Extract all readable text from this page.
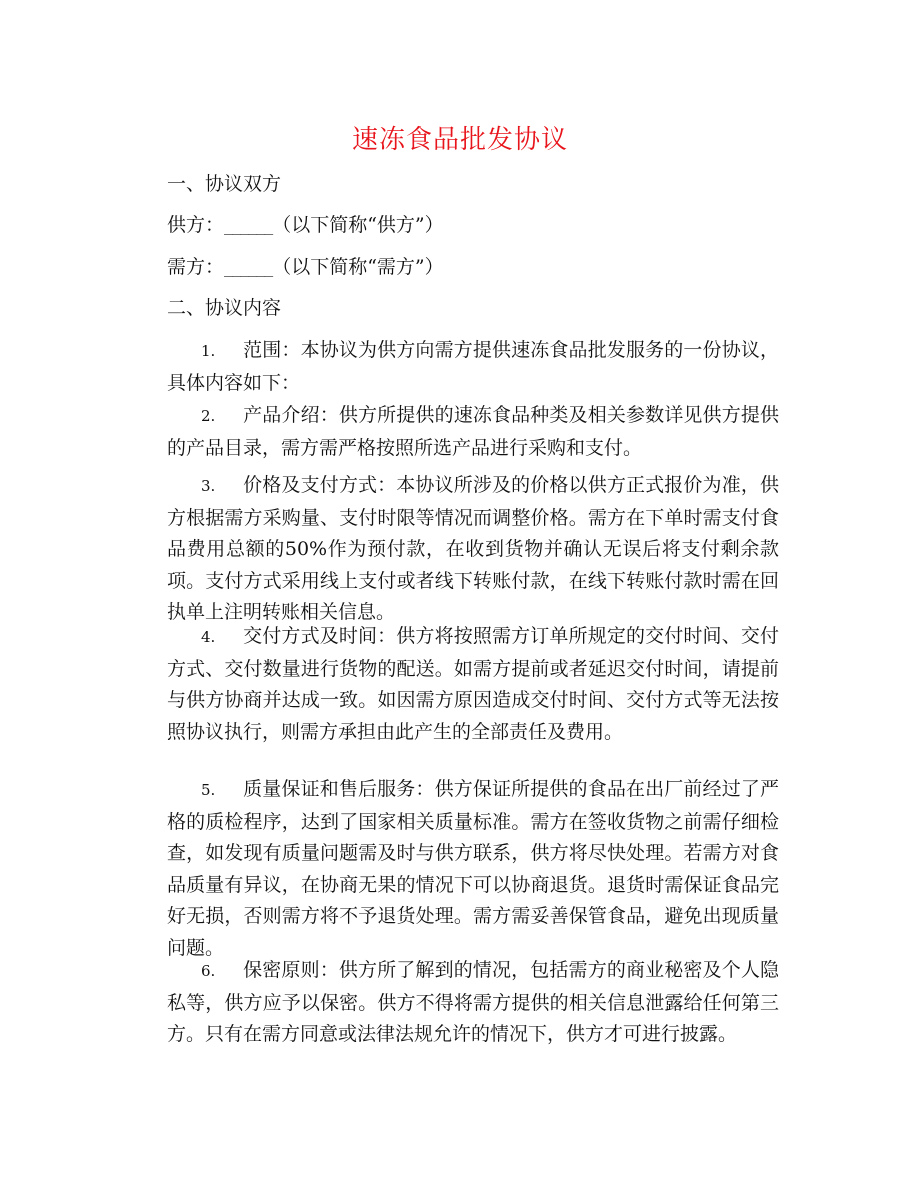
速冻食品批发协议
一、协议双方
供方：______（以下简称“供方”）
需方：______（以下简称“需方”）
二、协议内容
1. 范围：本协议为供方向需方提供速冻食品批发服务的一份协议，具体内容如下：
2. 产品介绍：供方所提供的速冻食品种类及相关参数详见供方提供的产品目录，需方需严格按照所选产品进行采购和支付。
3. 价格及支付方式：本协议所涉及的价格以供方正式报价为准，供方根据需方采购量、支付时限等情况而调整价格。需方在下单时需支付食品费用总额的50%作为预付款，在收到货物并确认无误后将支付剩余款项。支付方式采用线上支付或者线下转账付款，在线下转账付款时需在回执单上注明转账相关信息。
4. 交付方式及时间：供方将按照需方订单所规定的交付时间、交付方式、交付数量进行货物的配送。如需方提前或者延迟交付时间，请提前与供方协商并达成一致。如因需方原因造成交付时间、交付方式等无法按照协议执行，则需方承担由此产生的全部责任及费用。
5. 质量保证和售后服务：供方保证所提供的食品在出厂前经过了严格的质检程序，达到了国家相关质量标准。需方在签收货物之前需仔细检查，如发现有质量问题需及时与供方联系，供方将尽快处理。若需方对食品质量有异议，在协商无果的情况下可以协商退货。退货时需保证食品完好无损，否则需方将不予退货处理。需方需妥善保管食品，避免出现质量问题。
6. 保密原则：供方所了解到的情况，包括需方的商业秘密及个人隐私等，供方应予以保密。供方不得将需方提供的相关信息泄露给任何第三方。只有在需方同意或法律法规允许的情况下，供方才可进行披露。
